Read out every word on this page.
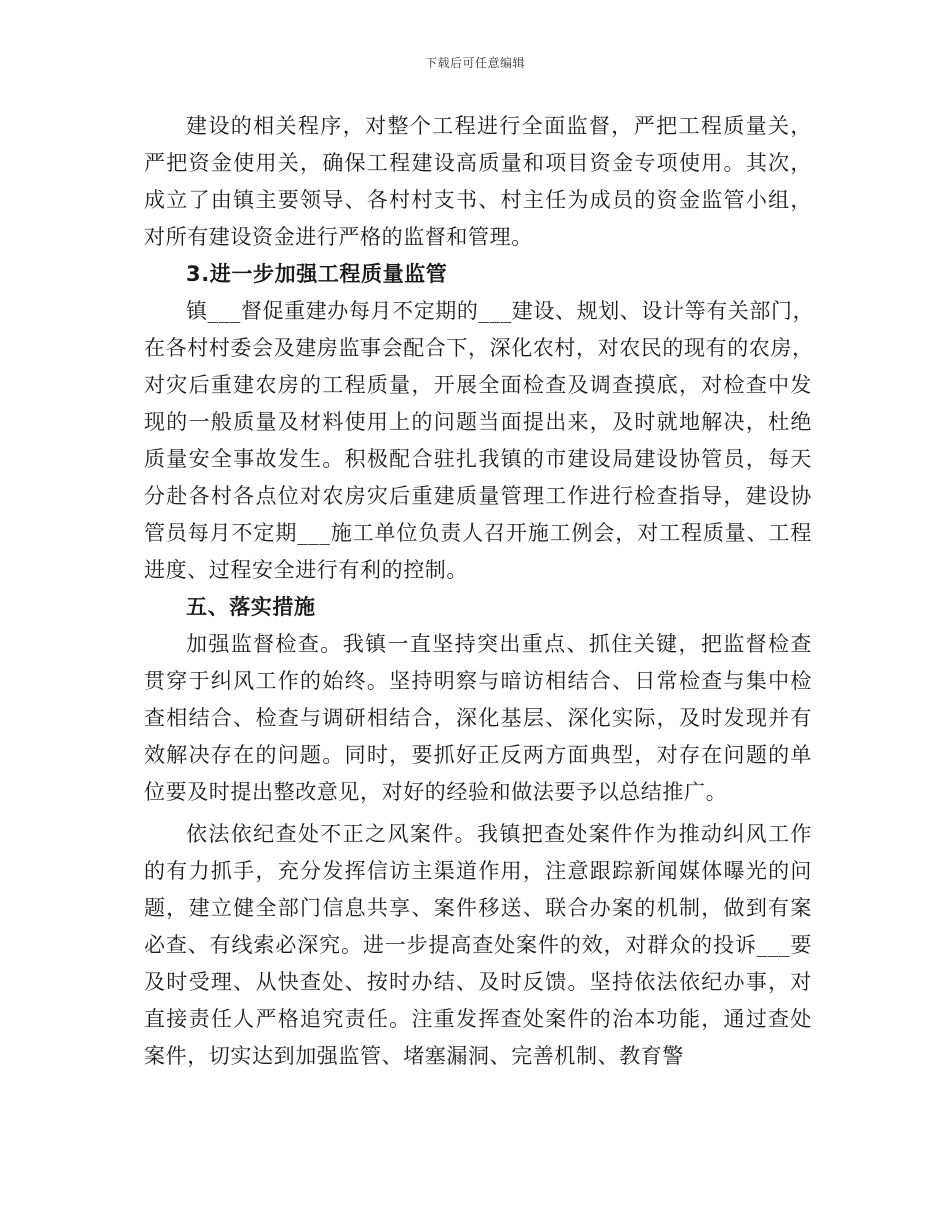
下载后可任意编辑
建设的相关程序，对整个工程进行全面监督，严把工程质量关，
严把资金使用关，确保工程建设高质量和项目资金专项使用。其次，
成立了由镇主要领导、各村村支书、村主任为成员的资金监管小组，
对所有建设资金进行严格的监督和管理。
3.进一步加强工程质量监管
镇___督促重建办每月不定期的___建设、规划、设计等有关部门，
在各村村委会及建房监事会配合下，深化农村，对农民的现有的农房，
对灾后重建农房的工程质量，开展全面检查及调查摸底，对检查中发
现的一般质量及材料使用上的问题当面提出来，及时就地解决，杜绝
质量安全事故发生。积极配合驻扎我镇的市建设局建设协管员，每天
分赴各村各点位对农房灾后重建质量管理工作进行检查指导，建设协
管员每月不定期___施工单位负责人召开施工例会，对工程质量、工程
进度、过程安全进行有利的控制。
五、落实措施
加强监督检查。我镇一直坚持突出重点、抓住关键，把监督检查
贯穿于纠风工作的始终。坚持明察与暗访相结合、日常检查与集中检
查相结合、检查与调研相结合，深化基层、深化实际，及时发现并有
效解决存在的问题。同时，要抓好正反两方面典型，对存在问题的单
位要及时提出整改意见，对好的经验和做法要予以总结推广。
依法依纪查处不正之风案件。我镇把查处案件作为推动纠风工作
的有力抓手，充分发挥信访主渠道作用，注意跟踪新闻媒体曝光的问
题，建立健全部门信息共享、案件移送、联合办案的机制，做到有案
必查、有线索必深究。进一步提高查处案件的效，对群众的投诉___要
及时受理、从快查处、按时办结、及时反馈。坚持依法依纪办事，对
直接责任人严格追究责任。注重发挥查处案件的治本功能，通过查处
案件，切实达到加强监管、堵塞漏洞、完善机制、教育警
